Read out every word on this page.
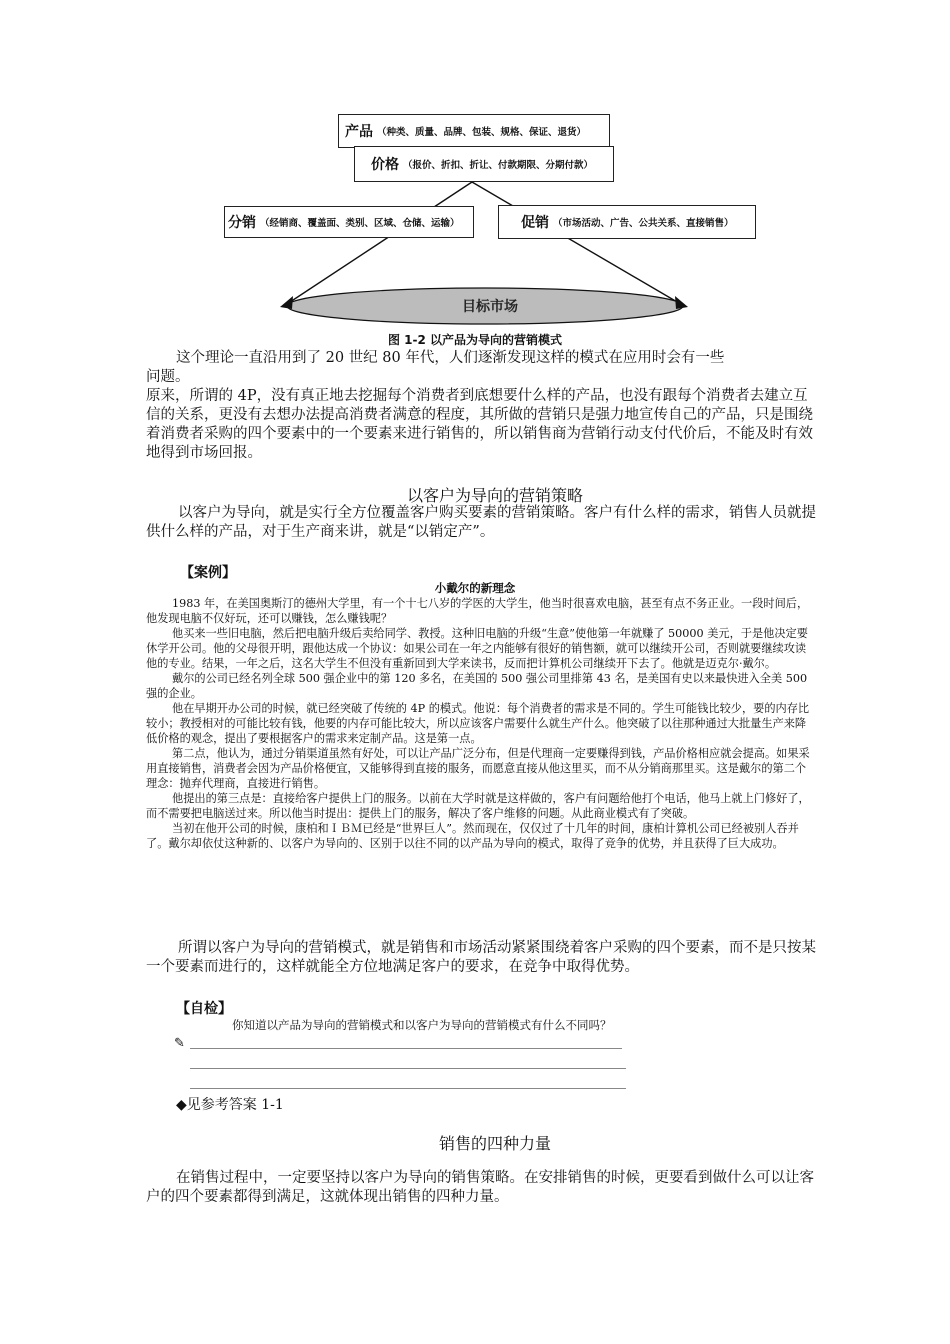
产品 （种类、质量、品牌、包装、规格、保证、退货）
价格 （报价、折扣、折让、付款期限、分期付款）
分销 （经销商、覆盖面、类别、区域、仓储、运输）	促销 （市场活动、广告、公共关系、直接销售）
目标市场
图 1-2 以产品为导向的营销模式

这个理论一直沿用到了 20 世纪 80 年代，人们逐渐发现这样的模式在应用时会有一些

问题。

原来，所谓的 4P，没有真正地去挖掘每个消费者到底想要什么样的产品，也没有跟每个消费者去建立互信的关系，更没有去想办法提高消费者满意的程度，其所做的营销只是强力地宣传自己的产品，只是围绕着消费者采购的四个要素中的一个要素来进行销售的，所以销售商为营销行动支付代价后，不能及时有效地得到市场回报。

以客户为导向的营销策略

以客户为导向，就是实行全方位覆盖客户购买要素的营销策略。客户有什么样的需求，销售人员就提供什么样的产品，对于生产商来讲，就是“以销定产”。

【案例】
小戴尔的新理念

1983 年，在美国奥斯汀的德州大学里，有一个十七八岁的学医的大学生，他当时很喜欢电脑，甚至有点不务正业。一段时间后，他发现电脑不仅好玩，还可以赚钱，怎么赚钱呢？

他买来一些旧电脑，然后把电脑升级后卖给同学、教授。这种旧电脑的升级“生意”使他第一年就赚了 50000 美元，于是他决定要休学开公司。他的父母很开明，跟他达成一个协议：如果公司在一年之内能够有很好的销售额，就可以继续开公司，否则就要继续攻读他的专业。结果，一年之后，这名大学生不但没有重新回到大学来读书，反而把计算机公司继续开下去了。他就是迈克尔·戴尔。

戴尔的公司已经名列全球 500 强企业中的第 120 多名，在美国的 500 强公司里排第 43 名，是美国有史以来最快进入全美 500 强的企业。

他在早期开办公司的时候，就已经突破了传统的 4P 的模式。他说：每个消费者的需求是不同的。学生可能钱比较少，要的内存比较小；教授相对的可能比较有钱，他要的内存可能比较大，所以应该客户需要什么就生产什么。他突破了以往那种通过大批量生产来降低价格的观念，提出了要根据客户的需求来定制产品。这是第一点。

第二点，他认为，通过分销渠道虽然有好处，可以让产品广泛分布，但是代理商一定要赚得到钱，产品价格相应就会提高。如果采用直接销售，消费者会因为产品价格便宜，又能够得到直接的服务，而愿意直接从他这里买，而不从分销商那里买。这是戴尔的第二个理念：抛弃代理商，直接进行销售。

他提出的第三点是：直接给客户提供上门的服务。以前在大学时就是这样做的，客户有问题给他打个电话，他马上就上门修好了，而不需要把电脑送过来。所以他当时提出：提供上门的服务，解决了客户维修的问题。从此商业模式有了突破。

当初在他开公司的时候，康柏和ＩＢＭ已经是“世界巨人”。然而现在，仅仅过了十几年的时间，康柏计算机公司已经被别人吞并了。戴尔却依仗这种新的、以客户为导向的、区别于以往不同的以产品为导向的模式，取得了竞争的优势，并且获得了巨大成功。

所谓以客户为导向的营销模式，就是销售和市场活动紧紧围绕着客户采购的四个要素，而不是只按某一个要素而进行的，这样就能全方位地满足客户的要求，在竞争中取得优势。

【自检】
你知道以产品为导向的营销模式和以客户为导向的营销模式有什么不同吗？
✎
◆见参考答案 1-1
销售的四种力量

在销售过程中，一定要坚持以客户为导向的销售策略。在安排销售的时候，更要看到做什么可以让客户的四个要素都得到满足，这就体现出销售的四种力量。
